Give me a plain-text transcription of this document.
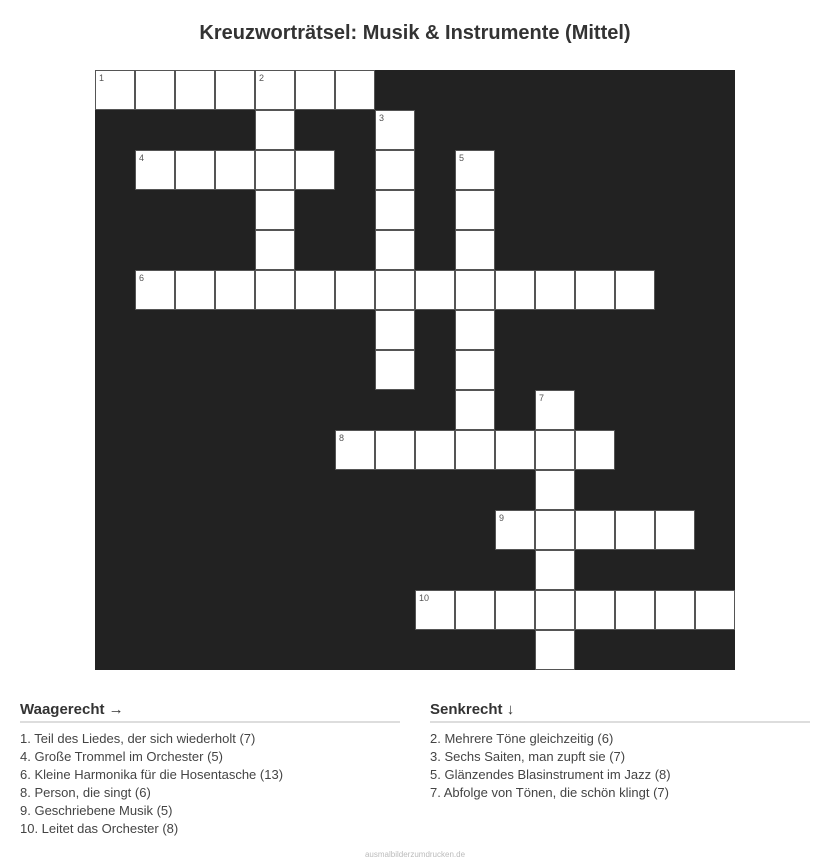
Kreuzworträtsel: Musik & Instrumente (Mittel)
1	2
3
4	5
6
7
8
9
10
Waagerecht →
1. Teil des Liedes, der sich wiederholt (7)
4. Große Trommel im Orchester (5)
6. Kleine Harmonika für die Hosentasche (13)
8. Person, die singt (6)
9. Geschriebene Musik (5)
10. Leitet das Orchester (8)
Senkrecht ↓
2. Mehrere Töne gleichzeitig (6)
3. Sechs Saiten, man zupft sie (7)
5. Glänzendes Blasinstrument im Jazz (8)
7. Abfolge von Tönen, die schön klingt (7)
ausmalbilderzumdrucken.de
